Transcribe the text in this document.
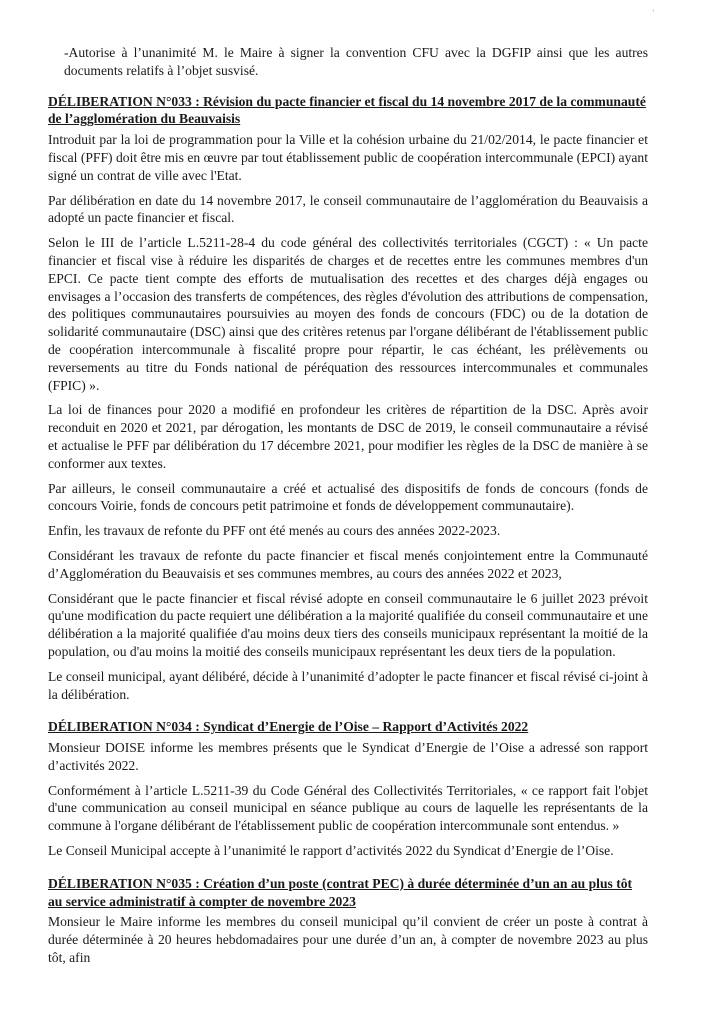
'

-Autorise à l’unanimité M. le Maire à signer la convention CFU avec la DGFIP ainsi que les autres documents relatifs à l’objet susvisé.

DÉLIBERATION N°033 : Révision du pacte financier et fiscal du 14 novembre 2017 de la communauté de l’agglomération du Beauvaisis

Introduit par la loi de programmation pour la Ville et la cohésion urbaine du 21/02/2014, le pacte financier et fiscal (PFF) doit être mis en œuvre par tout établissement public de coopération intercommunale (EPCI) ayant signé un contrat de ville avec l'Etat.

Par délibération en date du 14 novembre 2017, le conseil communautaire de l’agglomération du Beauvaisis a adopté un pacte financier et fiscal.

Selon le III de l’article L.5211-28-4 du code général des collectivités territoriales (CGCT) : « Un pacte financier et fiscal vise à réduire les disparités de charges et de recettes entre les communes membres d'un EPCI. Ce pacte tient compte des efforts de mutualisation des recettes et des charges déjà engages ou envisages a l’occasion des transferts de compétences, des règles d'évolution des attributions de compensation, des politiques communautaires poursuivies au moyen des fonds de concours (FDC) ou de la dotation de solidarité communautaire (DSC) ainsi que des critères retenus par l'organe délibérant de l'établissement public de coopération intercommunale à fiscalité propre pour répartir, le cas échéant, les prélèvements ou reversements au titre du Fonds national de péréquation des ressources intercommunales et communales (FPIC) ».

La loi de finances pour 2020 a modifié en profondeur les critères de répartition de la DSC. Après avoir reconduit en 2020 et 2021, par dérogation, les montants de DSC de 2019, le conseil communautaire a révisé et actualise le PFF par délibération du 17 décembre 2021, pour modifier les règles de la DSC de manière à se conformer aux textes.

Par ailleurs, le conseil communautaire a créé et actualisé des dispositifs de fonds de concours (fonds de concours Voirie, fonds de concours petit patrimoine et fonds de développement communautaire).

Enfin, les travaux de refonte du PFF ont été menés au cours des années 2022-2023.

Considérant les travaux de refonte du pacte financier et fiscal menés conjointement entre la Communauté d’Agglomération du Beauvaisis et ses communes membres, au cours des années 2022 et 2023,

Considérant que le pacte financier et fiscal révisé adopte en conseil communautaire le 6 juillet 2023 prévoit qu'une modification du pacte requiert une délibération a la majorité qualifiée du conseil communautaire et une délibération a la majorité qualifiée d'au moins deux tiers des conseils municipaux représentant la moitié de la population, ou d'au moins la moitié des conseils municipaux représentant les deux tiers de la population.

Le conseil municipal, ayant délibéré, décide à l’unanimité d’adopter le pacte financer et fiscal révisé ci-joint à la délibération.

DÉLIBERATION N°034 : Syndicat d’Energie de l’Oise – Rapport d’Activités 2022

Monsieur DOISE informe les membres présents que le Syndicat d’Energie de l’Oise a adressé son rapport d’activités 2022.

Conformément à l’article L.5211-39 du Code Général des Collectivités Territoriales, « ce rapport fait l'objet d'une communication au conseil municipal en séance publique au cours de laquelle les représentants de la commune à l'organe délibérant de l'établissement public de coopération intercommunale sont entendus. »

Le Conseil Municipal accepte à l’unanimité le rapport d’activités 2022 du Syndicat d’Energie de l’Oise.

DÉLIBERATION N°035 : Création d’un poste (contrat PEC) à durée déterminée d’un an au plus tôt au service administratif à compter de novembre 2023

Monsieur le Maire informe les membres du conseil municipal qu’il convient de créer un poste à contrat à durée déterminée à 20 heures hebdomadaires pour une durée d’un an, à compter de novembre 2023 au plus tôt, afin
